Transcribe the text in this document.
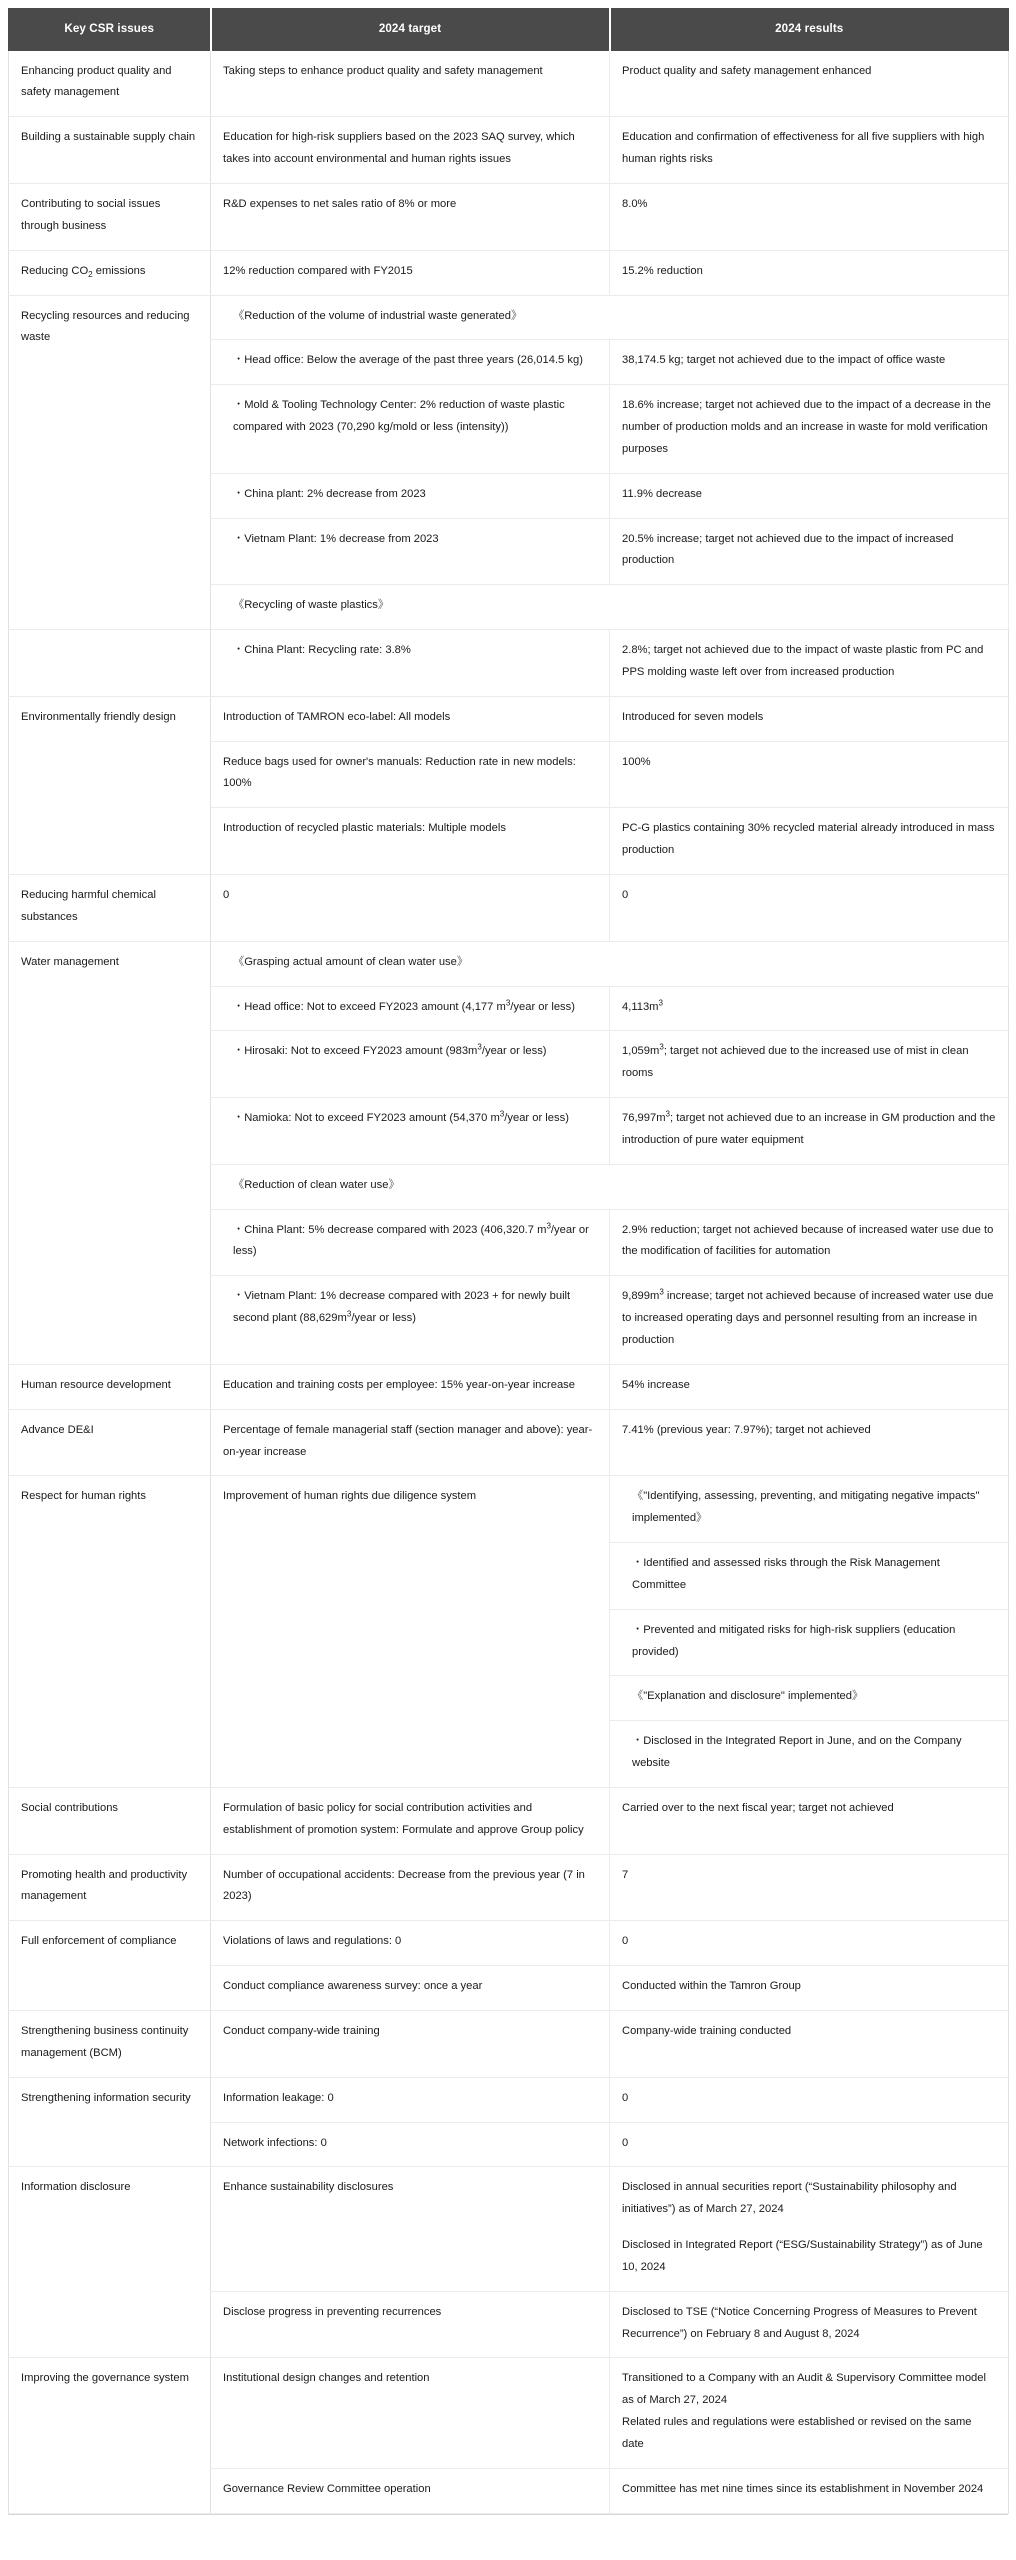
Key CSR issues	2024 target	2024 results
Enhancing product quality and safety management	Taking steps to enhance product quality and safety management	Product quality and safety management enhanced
Building a sustainable supply chain	Education for high-risk suppliers based on the 2023 SAQ survey, which takes into account environmental and human rights issues	Education and confirmation of effectiveness for all five suppliers with high human rights risks
Contributing to social issues through business	R&D expenses to net sales ratio of 8% or more	8.0%
Reducing $CO_2$ emissions	12% reduction compared with FY2015	15.2% reduction
Recycling resources and reducing waste	《Reduction of the volume of industrial waste generated》	
	・Head office: Below the average of the past three years (26,014.5 kg)	38,174.5 kg; target not achieved due to the impact of office waste
	・Mold & Tooling Technology Center: 2% reduction of waste plastic compared with 2023 (70,290 kg/mold or less (intensity))	18.6% increase; target not achieved due to the impact of a decrease in the number of production molds and an increase in waste for mold verification purposes
	・China plant: 2% decrease from 2023	11.9% decrease
	・Vietnam Plant: 1% decrease from 2023	20.5% increase; target not achieved due to the impact of increased production
	《Recycling of waste plastics》	
	・China Plant: Recycling rate: 3.8%	2.8%; target not achieved due to the impact of waste plastic from PC and PPS molding waste left over from increased production
Environmentally friendly design	Introduction of TAMRON eco-label: All models	Introduced for seven models
	Reduce bags used for owner's manuals: Reduction rate in new models: 100%	100%
	Introduction of recycled plastic materials: Multiple models	PC-G plastics containing 30% recycled material already introduced in mass production
Reducing harmful chemical substances	0	0
Water management	《Grasping actual amount of clean water use》	
	・Head office: Not to exceed FY2023 amount (4,177 $m^3$/year or less)	$4,113m^3$
	・Hirosaki: Not to exceed FY2023 amount ($983m^3$/year or less)	$1,059m^3$; target not achieved due to the increased use of mist in clean rooms
	・Namioka: Not to exceed FY2023 amount (54,370 $m^3$/year or less)	$76,997m^3$; target not achieved due to an increase in GM production and the introduction of pure water equipment
	《Reduction of clean water use》	
	・China Plant: 5% decrease compared with 2023 (406,320.7 $m^3$/year or less)	2.9% reduction; target not achieved because of increased water use due to the modification of facilities for automation
	・Vietnam Plant: 1% decrease compared with 2023 + for newly built second plant ($88,629m^3$/year or less)	$9,899m^3$ increase; target not achieved because of increased water use due to increased operating days and personnel resulting from an increase in production
Human resource development	Education and training costs per employee: 15% year-on-year increase	54% increase
Advance DE&I	Percentage of female managerial staff (section manager and above): year-on-year increase	7.41% (previous year: 7.97%); target not achieved
Respect for human rights	Improvement of human rights due diligence system	《"Identifying, assessing, preventing, and mitigating negative impacts" implemented》
		・Identified and assessed risks through the Risk Management Committee
		・Prevented and mitigated risks for high-risk suppliers (education provided)
		《"Explanation and disclosure" implemented》
		・Disclosed in the Integrated Report in June, and on the Company website
Social contributions	Formulation of basic policy for social contribution activities and establishment of promotion system: Formulate and approve Group policy	Carried over to the next fiscal year; target not achieved
Promoting health and productivity management	Number of occupational accidents: Decrease from the previous year (7 in 2023)	7
Full enforcement of compliance	Violations of laws and regulations: 0	0
	Conduct compliance awareness survey: once a year	Conducted within the Tamron Group
Strengthening business continuity management (BCM)	Conduct company-wide training	Company-wide training conducted
Strengthening information security	Information leakage: 0	0
	Network infections: 0	0
Information disclosure	Enhance sustainability disclosures	Disclosed in annual securities report (“Sustainability philosophy and initiatives”) as of March 27, 2024
Disclosed in Integrated Report (“ESG/Sustainability Strategy”) as of June 10, 2024

	Disclose progress in preventing recurrences	Disclosed to TSE (“Notice Concerning Progress of Measures to Prevent Recurrence”) on February 8 and August 8, 2024
Improving the governance system	Institutional design changes and retention	Transitioned to a Company with an Audit & Supervisory Committee model as of March 27, 2024
Related rules and regulations were established or revised on the same date

	Governance Review Committee operation	Committee has met nine times since its establishment in November 2024
